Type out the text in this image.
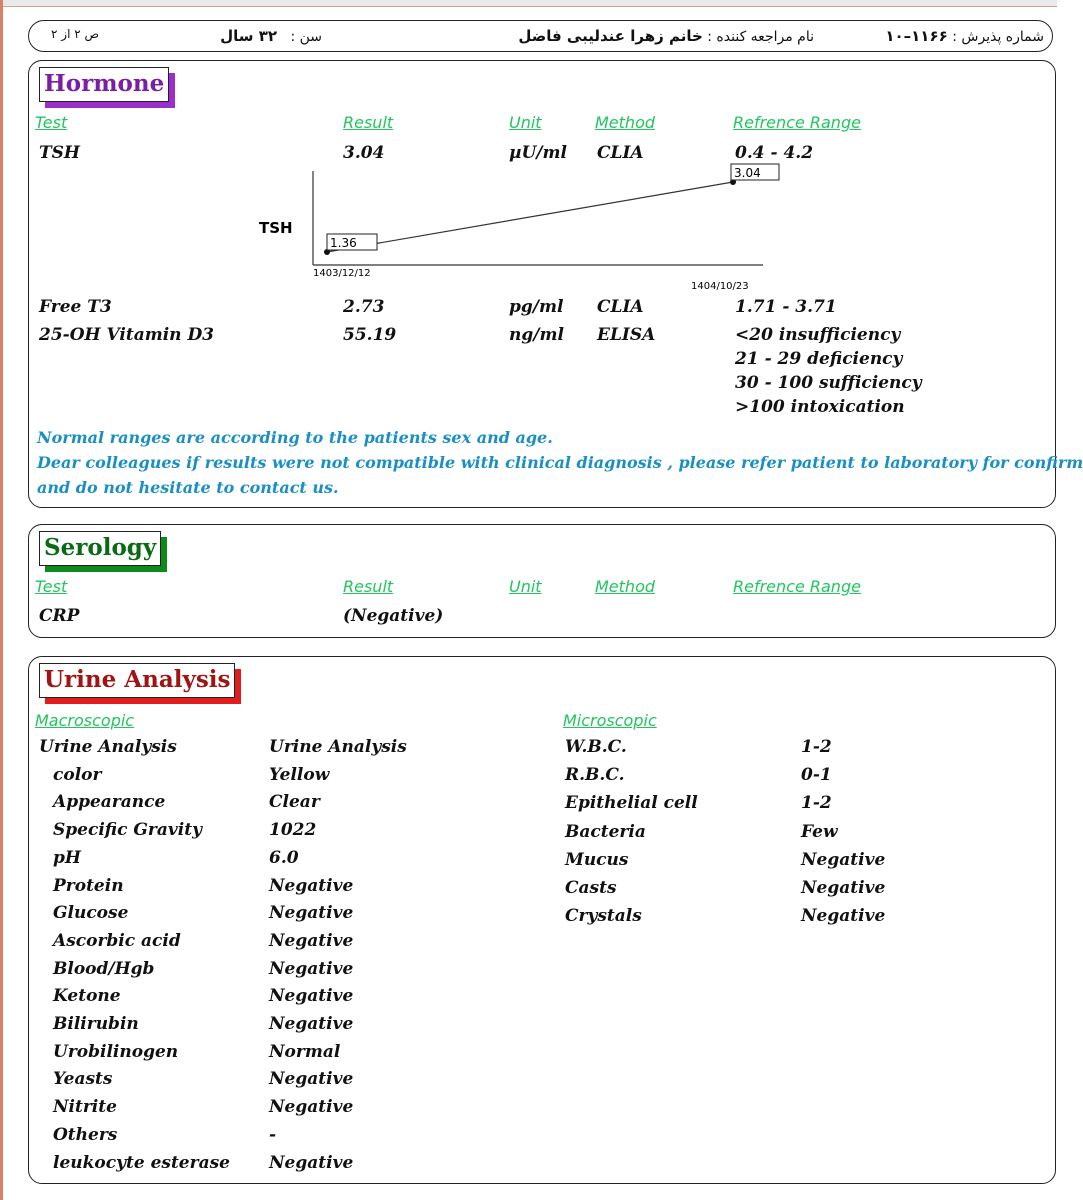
شماره پذیرش : ۱۱۶۶–۱۰
نام مراجعه کننده : خانم زهرا عندلیبی فاضل
سن :   ۳۲ سال
ص ۲ از ۲
Hormone
Test	Result	Unit	Method	Refrence Range
TSH	3.04	µU/ml CLIA	0.4 - 4.2
TSH
1.36
3.04
1403/12/12
1404/10/23
Free T3	2.73	pg/ml CLIA	1.71 - 3.71
25-OH Vitamin D3	55.19	ng/ml ELISA	<20 insufficiency
21 - 29 deficiency
30 - 100 sufficiency
>100 intoxication
Normal ranges are according to the patients sex and age.
Dear colleagues if results were not compatible with clinical diagnosis , please refer patient to laboratory for confirm
and do not hesitate to contact us.
Serology
Test	Result	Unit	Method	Refrence Range
CRP	(Negative)
Urine Analysis
Macroscopic	Microscopic
Urine Analysis	Urine Analysis
color	Yellow
Appearance	Clear
Specific Gravity	1022
pH	6.0
Protein	Negative
Glucose	Negative
Ascorbic acid	Negative
Blood/Hgb	Negative
Ketone	Negative
Bilirubin	Negative
Urobilinogen	Normal
Yeasts	Negative
Nitrite	Negative
Others	-
leukocyte esterase Negative
W.B.C.	1-2
R.B.C.	0-1
Epithelial cell	1-2
Bacteria	Few
Mucus	Negative
Casts	Negative
Crystals	Negative
